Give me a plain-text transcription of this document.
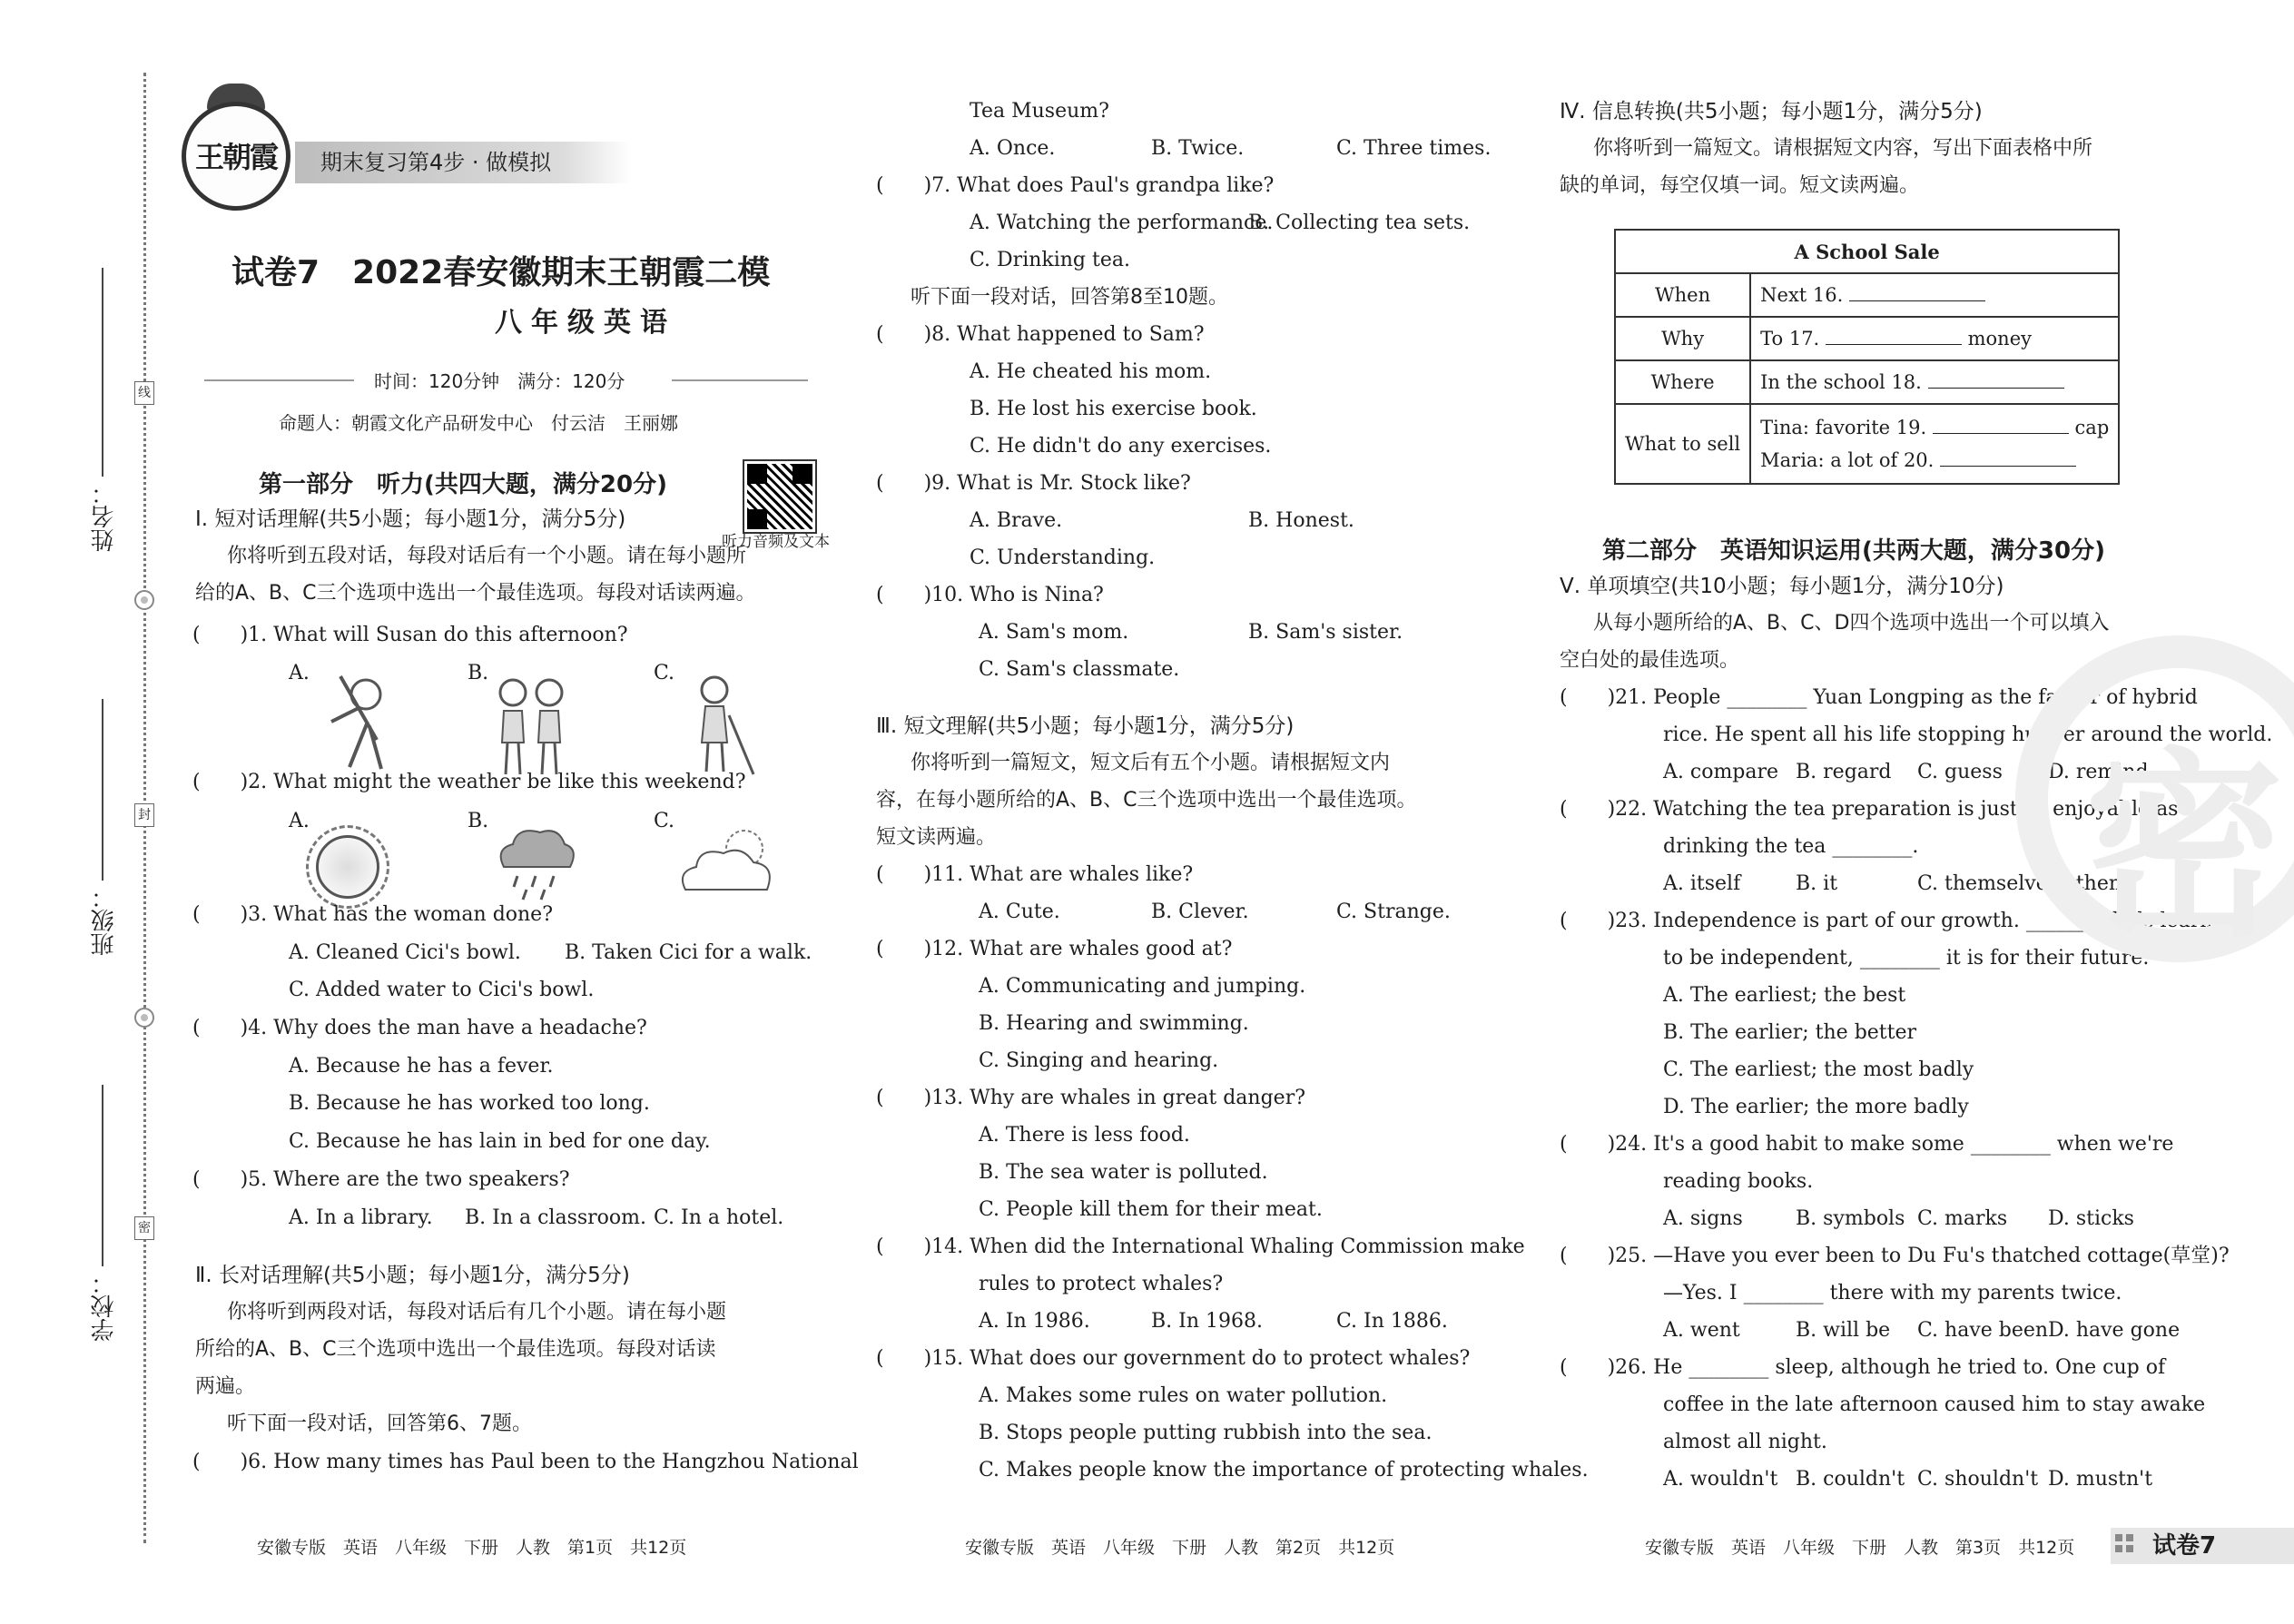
线
封
密
姓名：
班级：
学校：
王朝霞	期末复习第4步 · 做模拟
试卷7　2022春安徽期末王朝霞二模
八年级英语
时间：120分钟　满分：120分
命题人：朝霞文化产品研发中心　付云洁　王丽娜
第一部分　听力(共四大题，满分20分)
听力音频及文本
Ⅰ. 短对话理解(共5小题；每小题1分，满分5分)
你将听到五段对话，每段对话后有一个小题。请在每小题所
给的A、B、C三个选项中选出一个最佳选项。每段对话读两遍。
(　　)1. What will Susan do this afternoon?
A.	B.	C.
(　　)2. What might the weather be like this weekend?
A.	B.	C.
(　　)3. What has the woman done?
A. Cleaned Cici's bowl. B. Taken Cici for a walk.
C. Added water to Cici's bowl.
(　　)4. Why does the man have a headache?
A. Because he has a fever.
B. Because he has worked too long.
C. Because he has lain in bed for one day.
(　　)5. Where are the two speakers?
A. In a library. B. In a classroom. C. In a hotel.
Ⅱ. 长对话理解(共5小题；每小题1分，满分5分)
你将听到两段对话，每段对话后有几个小题。请在每小题
所给的A、B、C三个选项中选出一个最佳选项。每段对话读
两遍。
听下面一段对话，回答第6、7题。
(　　)6. How many times has Paul been to the Hangzhou National
Tea Museum?
A. Once.	B. Twice.	C. Three times.
(　　)7. What does Paul's grandpa like?
A. Watching the performance.
B. Collecting tea sets.
C. Drinking tea.
听下面一段对话，回答第8至10题。
(　　)8. What happened to Sam?
A. He cheated his mom.
B. He lost his exercise book.
C. He didn't do any exercises.
(　　)9. What is Mr. Stock like?
A. Brave.	B. Honest.
C. Understanding.
(　　)10. Who is Nina?
A. Sam's mom.	B. Sam's sister.
C. Sam's classmate.
Ⅲ. 短文理解(共5小题；每小题1分，满分5分)
你将听到一篇短文，短文后有五个小题。请根据短文内
容，在每小题所给的A、B、C三个选项中选出一个最佳选项。
短文读两遍。
(　　)11. What are whales like?
A. Cute.	B. Clever.	C. Strange.
(　　)12. What are whales good at?
A. Communicating and jumping.
B. Hearing and swimming.
C. Singing and hearing.
(　　)13. Why are whales in great danger?
A. There is less food.
B. The sea water is polluted.
C. People kill them for their meat.
(　　)14. When did the International Whaling Commission make
rules to protect whales?
A. In 1986.	B. In 1968.	C. In 1886.
(　　)15. What does our government do to protect whales?
A. Makes some rules on water pollution.
B. Stops people putting rubbish into the sea.
C. Makes people know the importance of protecting whales.
Ⅳ. 信息转换(共5小题；每小题1分，满分5分)
你将听到一篇短文。请根据短文内容，写出下面表格中所
缺的单词，每空仅填一词。短文读两遍。
Ⅴ. 单项填空(共10小题；每小题1分，满分10分)
从每小题所给的A、B、C、D四个选项中选出一个可以填入
空白处的最佳选项。
(　　)21. People ________ Yuan Longping as the father of hybrid
rice. He spent all his life stopping hunger around the world.
A. compare B. regard C. guess D. remind
(　　)22. Watching the tea preparation is just as enjoyable as
drinking the tea ________.
A. itself	B. it	C. themselves
D. them
(　　)23. Independence is part of our growth. ________ kids learn
to be independent, ________ it is for their future.
A. The earliest; the best
B. The earlier; the better
C. The earliest; the most badly
D. The earlier; the more badly
(　　)24. It's a good habit to make some ________ when we're
reading books.
A. signs	B. symbols C. marks D. sticks
(　　)25. —Have you ever been to Du Fu's thatched cottage(草堂)?
—Yes. I ________ there with my parents twice.
A. went	B. will be C. have been D. have gone
(　　)26. He ________ sleep, although he tried to. One cup of
coffee in the late afternoon caused him to stay awake
almost all night.
A. wouldn't B. couldn't C. shouldn't D. mustn't
A School Sale	
When	Next 16.
Why	To 17. money
Where	In the school 18.
What to sell	Tina: favorite 19. cap
Maria: a lot of 20.
第二部分　英语知识运用(共两大题，满分30分)
密
安徽专版　英语　八年级　下册　人教　第1页　共12页	安徽专版　英语　八年级　下册　人教　第2页　共12页	安徽专版　英语　八年级　下册　人教　第3页　共12页	试卷7
